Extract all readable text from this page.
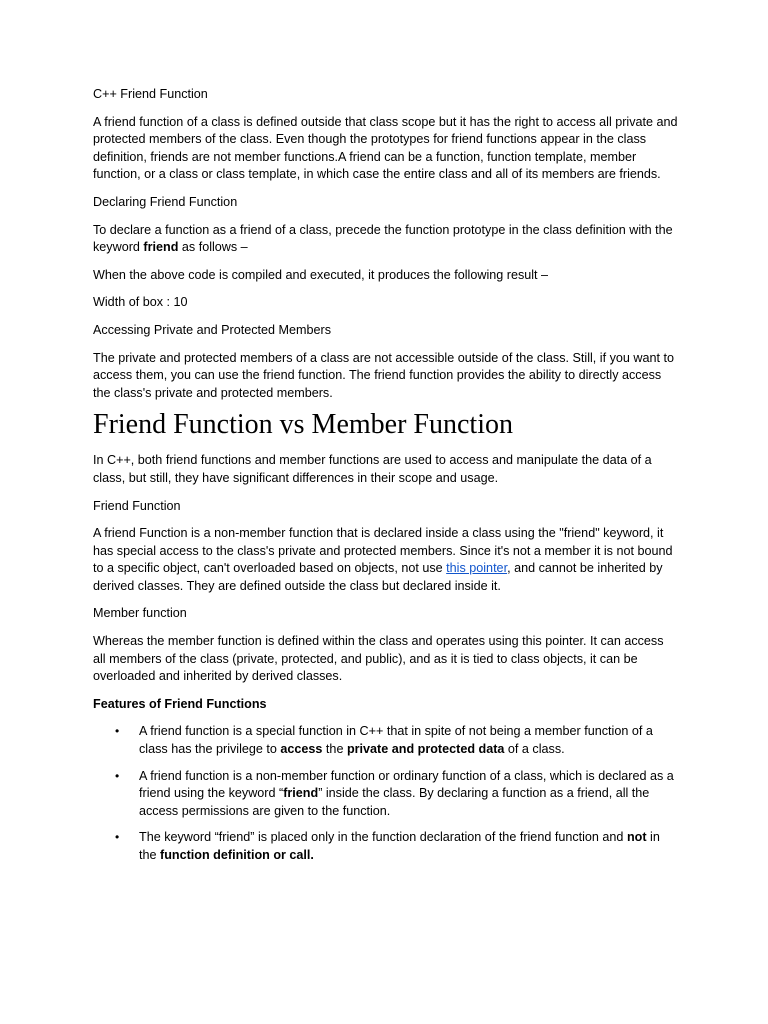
C++ Friend Function

A friend function of a class is defined outside that class scope but it has the right to access all private and protected members of the class. Even though the prototypes for friend functions appear in the class definition, friends are not member functions.A friend can be a function, function template, member function, or a class or class template, in which case the entire class and all of its members are friends.

Declaring Friend Function

To declare a function as a friend of a class, precede the function prototype in the class definition with the keyword friend as follows –

When the above code is compiled and executed, it produces the following result –

Width of box : 10

Accessing Private and Protected Members

The private and protected members of a class are not accessible outside of the class. Still, if you want to access them, you can use the friend function. The friend function provides the ability to directly access the class's private and protected members.

Friend Function vs Member Function

In C++, both friend functions and member functions are used to access and manipulate the data of a class, but still, they have significant differences in their scope and usage.

Friend Function

A friend Function is a non-member function that is declared inside a class using the "friend" keyword, it has special access to the class's private and protected members. Since it's not a member it is not bound to a specific object, can't overloaded based on objects, not use this pointer, and cannot be inherited by derived classes. They are defined outside the class but declared inside it.

Member function

Whereas the member function is defined within the class and operates using this pointer. It can access all members of the class (private, protected, and public), and as it is tied to class objects, it can be overloaded and inherited by derived classes.

Features of Friend Functions

• A friend function is a special function in C++ that in spite of not being a member function of a class has the privilege to access the private and protected data of a class.
• A friend function is a non-member function or ordinary function of a class, which is declared as a friend using the keyword “friend” inside the class. By declaring a function as a friend, all the access permissions are given to the function.
• The keyword “friend” is placed only in the function declaration of the friend function and not in the function definition or call.
